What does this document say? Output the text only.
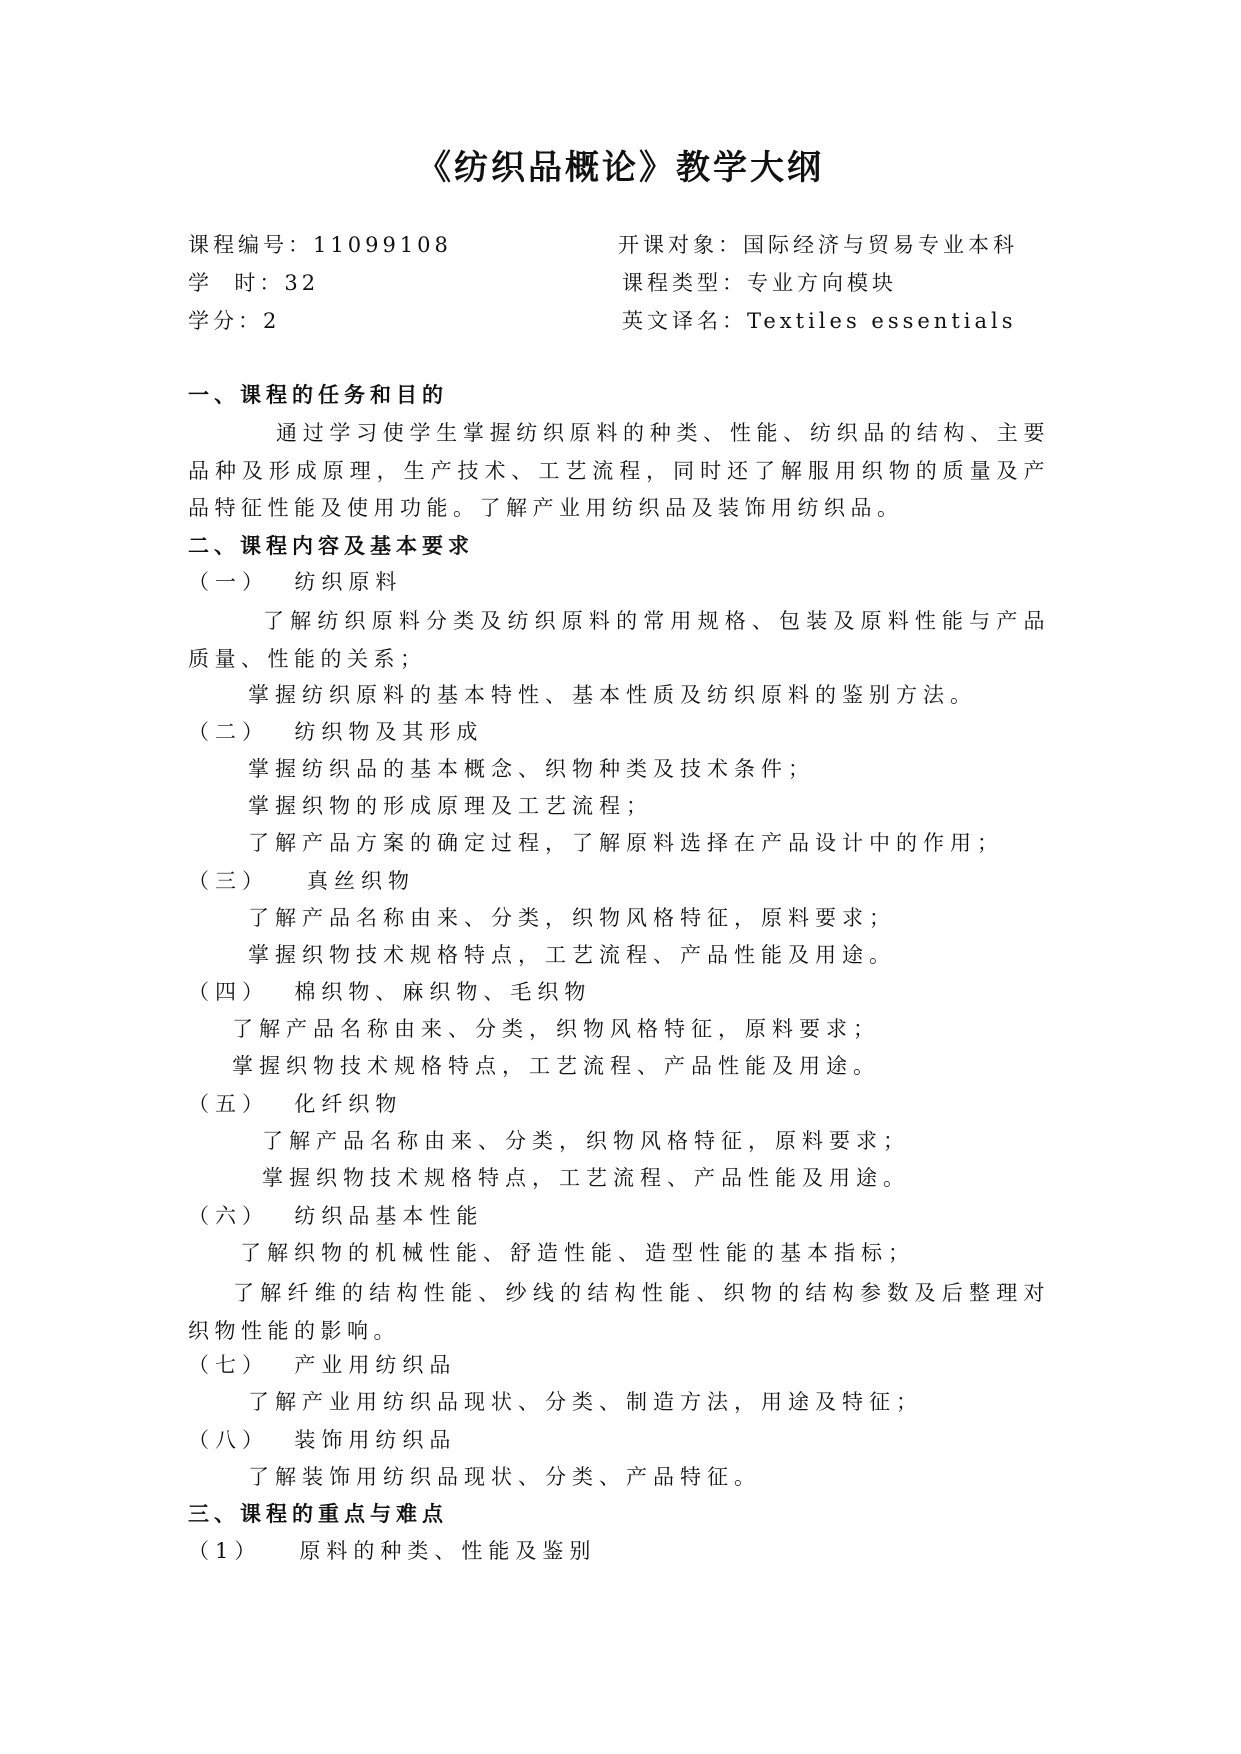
《纺织品概论》教学大纲
课程编号：11099108	开课对象：国际经济与贸易专业本科
学  时：32	课程类型：专业方向模块
学分：2	英文译名：Textiles essentials
一、课程的任务和目的
通过学习使学生掌握纺织原料的种类、性能、纺织品的结构、主要品种及形成原理，生产技术、工艺流程，同时还了解服用织物的质量及产品特征性能及使用功能。了解产业用纺织品及装饰用纺织品。
二、课程内容及基本要求
（一）  纺织原料
了解纺织原料分类及纺织原料的常用规格、包装及原料性能与产品质量、性能的关系；
掌握纺织原料的基本特性、基本性质及纺织原料的鉴别方法。
（二）  纺织物及其形成
掌握纺织品的基本概念、织物种类及技术条件；
掌握织物的形成原理及工艺流程；
了解产品方案的确定过程，了解原料选择在产品设计中的作用；
（三）   真丝织物
了解产品名称由来、分类，织物风格特征，原料要求；
掌握织物技术规格特点，工艺流程、产品性能及用途。
（四）  棉织物、麻织物、毛织物
了解产品名称由来、分类，织物风格特征，原料要求；
掌握织物技术规格特点，工艺流程、产品性能及用途。
（五）  化纤织物
了解产品名称由来、分类，织物风格特征，原料要求；
掌握织物技术规格特点，工艺流程、产品性能及用途。
（六）  纺织品基本性能
了解织物的机械性能、舒造性能、造型性能的基本指标；
了解纤维的结构性能、纱线的结构性能、织物的结构参数及后整理对织物性能的影响。
（七）  产业用纺织品
了解产业用纺织品现状、分类、制造方法，用途及特征；
（八）  装饰用纺织品
了解装饰用纺织品现状、分类、产品特征。
三、课程的重点与难点
（1）   原料的种类、性能及鉴别
